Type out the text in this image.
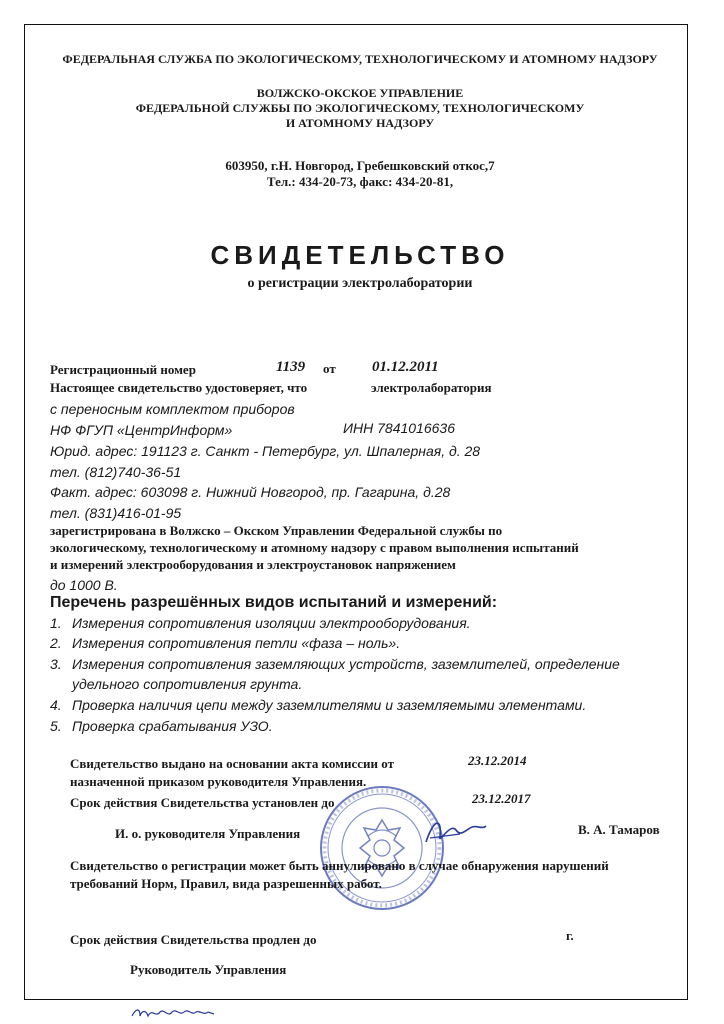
ФЕДЕРАЛЬНАЯ СЛУЖБА ПО ЭКОЛОГИЧЕСКОМУ, ТЕХНОЛОГИЧЕСКОМУ И АТОМНОМУ НАДЗОРУ
ВОЛЖСКО-ОКСКОЕ УПРАВЛЕНИЕ
ФЕДЕРАЛЬНОЙ СЛУЖБЫ ПО ЭКОЛОГИЧЕСКОМУ, ТЕХНОЛОГИЧЕСКОМУ
И АТОМНОМУ НАДЗОРУ
603950, г.Н. Новгород, Гребешковский откос,7
Тел.: 434-20-73, факс: 434-20-81,
СВИДЕТЕЛЬСТВО
о регистрации электролаборатории
Регистрационный номер	1139 от 01.12.2011
Настоящее свидетельство удостоверяет, что	электролаборатория
с переносным комплектом приборов
НФ ФГУП «ЦентрИнформ»	ИНН 7841016636
Юрид. адрес: 191123 г. Санкт - Петербург, ул. Шпалерная, д. 28
тел. (812)740-36-51
Факт. адрес: 603098 г. Нижний Новгород, пр. Гагарина, д.28
тел. (831)416-01-95
зарегистрирована в Волжско – Окском Управлении Федеральной службы по
экологическому, технологическому и атомному надзору с правом выполнения испытаний
и измерений электрооборудования и электроустановок напряжением
до 1000 В.
Перечень разрешённых видов испытаний и измерений:
1. Измерения сопротивления изоляции электрооборудования.
2. Измерения сопротивления петли «фаза – ноль».
3. Измерения сопротивления заземляющих устройств, заземлителей, определение
удельного сопротивления грунта.
4. Проверка наличия цепи между заземлителями и заземляемыми элементами.
5. Проверка срабатывания УЗО.
Свидетельство выдано на основании акта комиссии от	23.12.2014
назначенной приказом руководителя Управления.
Срок действия Свидетельства установлен до	23.12.2017
И. о. руководителя Управления	В. А. Тамаров
Свидетельство о регистрации может быть аннулировано в случае обнаружения нарушений
требований Норм, Правил, вида разрешенных работ.
Срок действия Свидетельства продлен до	г.
Руководитель Управления
